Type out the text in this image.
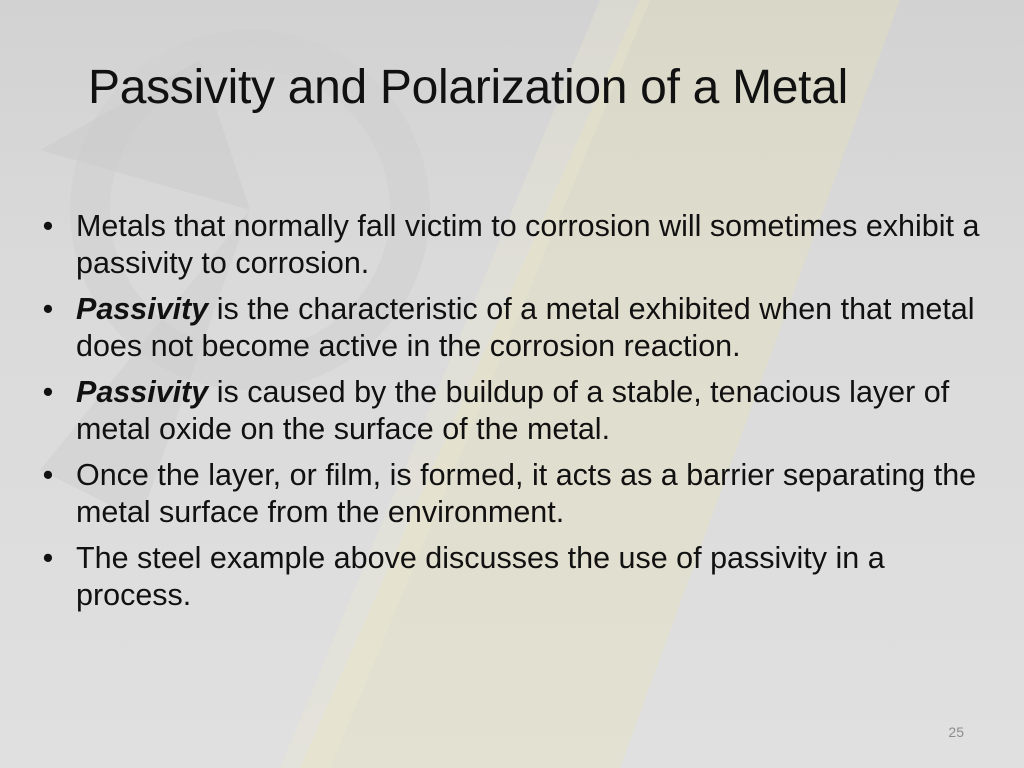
Passivity and Polarization of a Metal
• Metals that normally fall victim to corrosion will sometimes exhibit a passivity to corrosion.
• Passivity is the characteristic of a metal exhibited when that metal does not become active in the corrosion reaction.
• Passivity is caused by the buildup of a stable, tenacious layer of metal oxide on the surface of the metal.
• Once the layer, or film, is formed, it acts as a barrier separating the metal surface from the environment.
• The steel example above discusses the use of passivity in a process.
25
